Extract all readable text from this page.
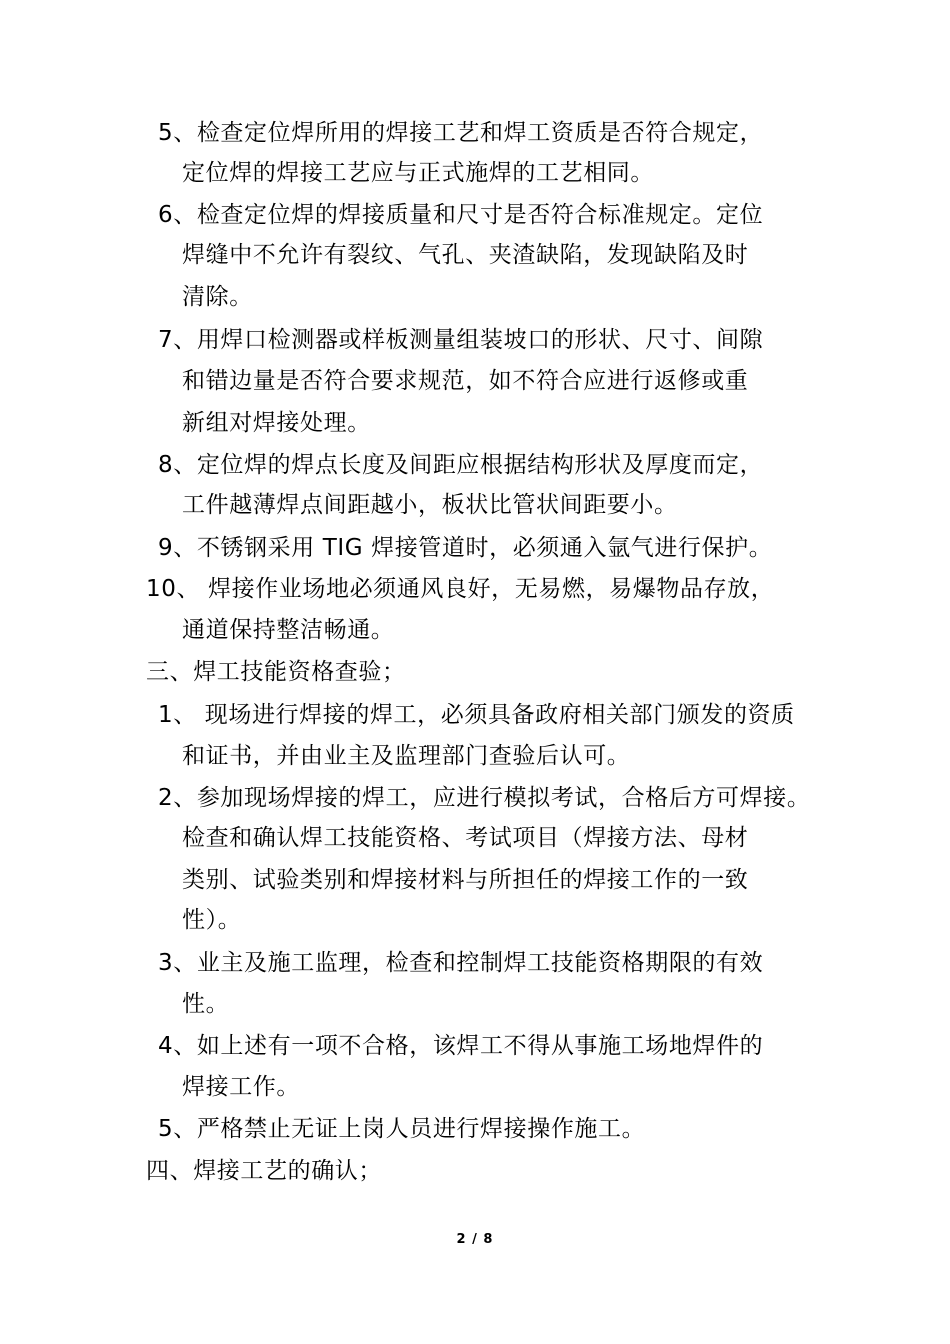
5、检查定位焊所用的焊接工艺和焊工资质是否符合规定，
定位焊的焊接工艺应与正式施焊的工艺相同。
6、检查定位焊的焊接质量和尺寸是否符合标准规定。定位
焊缝中不允许有裂纹、气孔、夹渣缺陷，发现缺陷及时
清除。
7、用焊口检测器或样板测量组装坡口的形状、尺寸、间隙
和错边量是否符合要求规范，如不符合应进行返修或重
新组对焊接处理。
8、定位焊的焊点长度及间距应根据结构形状及厚度而定，
工件越薄焊点间距越小，板状比管状间距要小。
9、不锈钢采用 TIG 焊接管道时，必须通入氩气进行保护。
10、 焊接作业场地必须通风良好，无易燃，易爆物品存放，
通道保持整洁畅通。
三、焊工技能资格查验；
1、 现场进行焊接的焊工，必须具备政府相关部门颁发的资质
和证书，并由业主及监理部门查验后认可。
2、参加现场焊接的焊工，应进行模拟考试，合格后方可焊接。
检查和确认焊工技能资格、考试项目（焊接方法、母材
类别、试验类别和焊接材料与所担任的焊接工作的一致
性）。
3、业主及施工监理，检查和控制焊工技能资格期限的有效
性。
4、如上述有一项不合格，该焊工不得从事施工场地焊件的
焊接工作。
5、严格禁止无证上岗人员进行焊接操作施工。
四、焊接工艺的确认；
2 / 8
